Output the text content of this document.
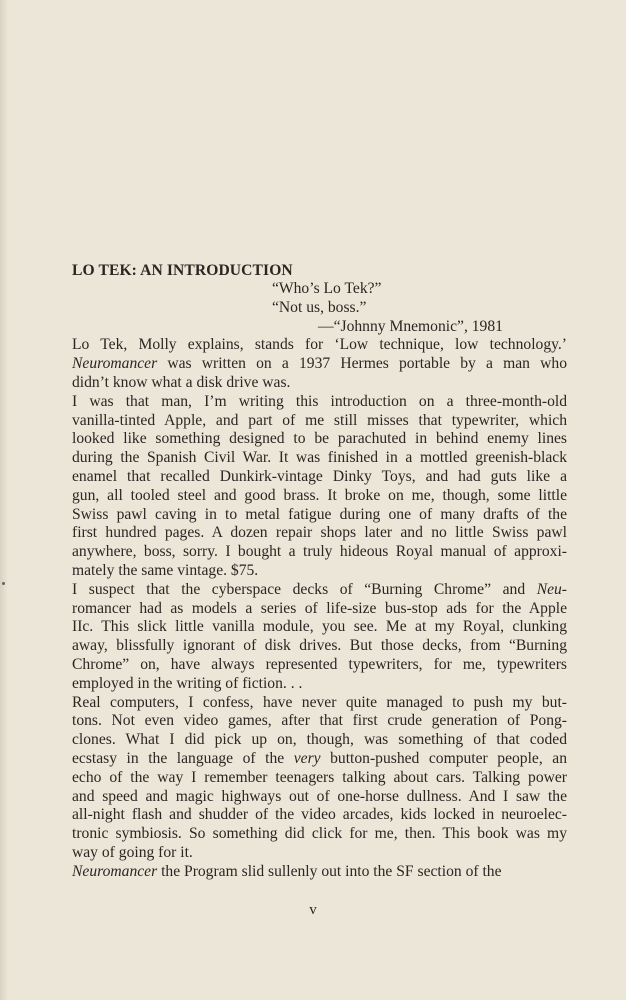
LO TEK: AN INTRODUCTION
“Who’s Lo Tek?”
“Not us, boss.”
—“Johnny Mnemonic”, 1981
Lo Tek, Molly explains, stands for ‘Low technique, low technology.’
Neuromancer was written on a 1937 Hermes portable by a man who
didn’t know what a disk drive was.
I was that man, I’m writing this introduction on a three-month-old
vanilla-tinted Apple, and part of me still misses that typewriter, which
looked like something designed to be parachuted in behind enemy lines
during the Spanish Civil War. It was finished in a mottled greenish-black
enamel that recalled Dunkirk-vintage Dinky Toys, and had guts like a
gun, all tooled steel and good brass. It broke on me, though, some little
Swiss pawl caving in to metal fatigue during one of many drafts of the
first hundred pages. A dozen repair shops later and no little Swiss pawl
anywhere, boss, sorry. I bought a truly hideous Royal manual of approxi-
mately the same vintage. $75.
I suspect that the cyberspace decks of “Burning Chrome” and Neu-
romancer had as models a series of life-size bus-stop ads for the Apple
IIc. This slick little vanilla module, you see. Me at my Royal, clunking
away, blissfully ignorant of disk drives. But those decks, from “Burning
Chrome” on, have always represented typewriters, for me, typewriters
employed in the writing of fiction. . .
Real computers, I confess, have never quite managed to push my but-
tons. Not even video games, after that first crude generation of Pong-
clones. What I did pick up on, though, was something of that coded
ecstasy in the language of the very button-pushed computer people, an
echo of the way I remember teenagers talking about cars. Talking power
and speed and magic highways out of one-horse dullness. And I saw the
all-night flash and shudder of the video arcades, kids locked in neuroelec-
tronic symbiosis. So something did click for me, then. This book was my
way of going for it.
Neuromancer the Program slid sullenly out into the SF section of the
v
